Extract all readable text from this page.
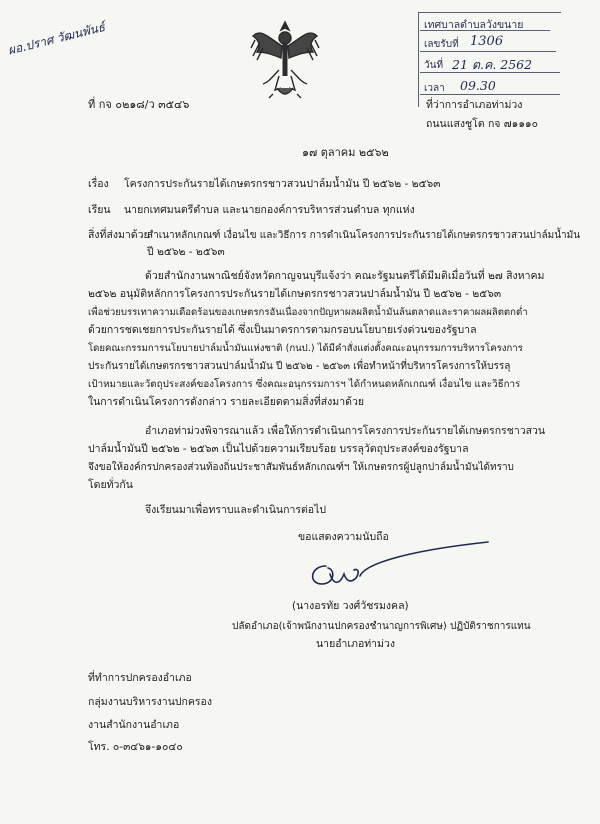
ผอ.ปราศ วัฒนพันธ์	เทศบาลตำบลวังขนาย
เลขรับที่ 1306
วันที่ 21 ต.ค. 2562
เวลา 09.30
ที่ กจ ๐๒๑๘/ว ๓๕๔๖	ที่ว่าการอำเภอท่าม่วง
ถนนแสงชูโต กจ ๗๑๑๑๐
๑๗ ตุลาคม ๒๕๖๒
เรื่อง โครงการประกันรายได้เกษตรกรชาวสวนปาล์มน้ำมัน ปี ๒๕๖๒ - ๒๕๖๓
เรียน นายกเทศมนตรีตำบล และนายกองค์การบริหารส่วนตำบล ทุกแห่ง
สิ่งที่ส่งมาด้วย
สำเนาหลักเกณฑ์ เงื่อนไข และวิธีการ การดำเนินโครงการประกันรายได้เกษตรกรชาวสวนปาล์มน้ำมัน
ปี ๒๕๖๒ - ๒๕๖๓
ด้วยสำนักงานพาณิชย์จังหวัดกาญจนบุรีแจ้งว่า คณะรัฐมนตรีได้มีมติเมื่อวันที่ ๒๗ สิงหาคม
๒๕๖๒ อนุมัติหลักการโครงการประกันรายได้เกษตรกรชาวสวนปาล์มน้ำมัน ปี ๒๕๖๒ - ๒๕๖๓
เพื่อช่วยบรรเทาความเดือดร้อนของเกษตรกรอันเนื่องจากปัญหาผลผลิตน้ำมันล้นตลาดและราคาผลผลิตตกต่ำ
ด้วยการชดเชยการประกันรายได้ ซึ่งเป็นมาตรการตามกรอบนโยบายเร่งด่วนของรัฐบาล
โดยคณะกรรมการนโยบายปาล์มน้ำมันแห่งชาติ (กนป.) ได้มีคำสั่งแต่งตั้งคณะอนุกรรมการบริหารโครงการ
ประกันรายได้เกษตรกรชาวสวนปาล์มน้ำมัน ปี ๒๕๖๒ - ๒๕๖๓ เพื่อทำหน้าที่บริหารโครงการให้บรรลุ
เป้าหมายและวัตถุประสงค์ของโครงการ ซึ่งคณะอนุกรรมการฯ ได้กำหนดหลักเกณฑ์ เงื่อนไข และวิธีการ
ในการดำเนินโครงการดังกล่าว รายละเอียดตามสิ่งที่ส่งมาด้วย
อำเภอท่าม่วงพิจารณาแล้ว เพื่อให้การดำเนินการโครงการประกันรายได้เกษตรกรชาวสวน
ปาล์มน้ำมันปี ๒๕๖๒ - ๒๕๖๓ เป็นไปด้วยความเรียบร้อย บรรลุวัตถุประสงค์ของรัฐบาล
จึงขอให้องค์กรปกครองส่วนท้องถิ่นประชาสัมพันธ์หลักเกณฑ์ฯ ให้เกษตรกรผู้ปลูกปาล์มน้ำมันได้ทราบ
โดยทั่วกัน
จึงเรียนมาเพื่อทราบและดำเนินการต่อไป
ขอแสดงความนับถือ
(นางอรทัย วงศ์วัชรมงคล)
ปลัดอำเภอ(เจ้าพนักงานปกครองชำนาญการพิเศษ) ปฏิบัติราชการแทน
นายอำเภอท่าม่วง
ที่ทำการปกครองอำเภอ
กลุ่มงานบริหารงานปกครอง
งานสำนักงานอำเภอ
โทร. ๐-๓๔๖๑-๑๐๔๐
